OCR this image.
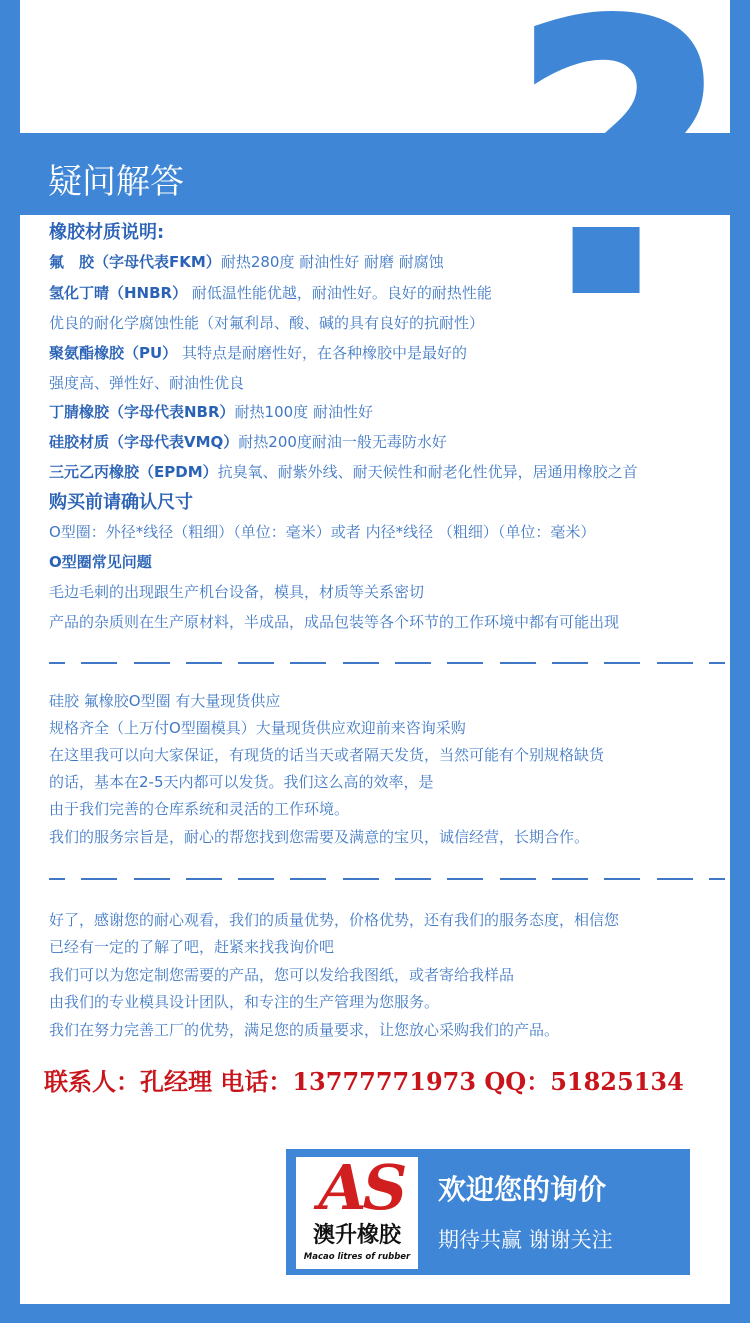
疑问解答
橡胶材质说明:
氟　胶（字母代表FKM）耐热280度 耐油性好 耐磨 耐腐蚀
氢化丁晴（HNBR） 耐低温性能优越，耐油性好。良好的耐热性能
优良的耐化学腐蚀性能（对氟利昂、酸、碱的具有良好的抗耐性）
聚氨酯橡胶（PU） 其特点是耐磨性好，在各种橡胶中是最好的
强度高、弹性好、耐油性优良
丁腈橡胶（字母代表NBR）耐热100度 耐油性好
硅胶材质（字母代表VMQ）耐热200度耐油一般无毒防水好
三元乙丙橡胶（EPDM）抗臭氧、耐紫外线、耐天候性和耐老化性优异，居通用橡胶之首
购买前请确认尺寸
O型圈：外径*线径（粗细）（单位：毫米）或者 内径*线径 （粗细）（单位：毫米）
O型圈常见问题
毛边毛刺的出现跟生产机台设备，模具，材质等关系密切
产品的杂质则在生产原材料，半成品，成品包装等各个环节的工作环境中都有可能出现
硅胶 氟橡胶O型圈 有大量现货供应
规格齐全（上万付O型圈模具）大量现货供应欢迎前来咨询采购
在这里我可以向大家保证，有现货的话当天或者隔天发货，当然可能有个别规格缺货
的话，基本在2-5天内都可以发货。我们这么高的效率，是
由于我们完善的仓库系统和灵活的工作环境。
我们的服务宗旨是，耐心的帮您找到您需要及满意的宝贝，诚信经营，长期合作。
好了，感谢您的耐心观看，我们的质量优势，价格优势，还有我们的服务态度，相信您
已经有一定的了解了吧，赶紧来找我询价吧
我们可以为您定制您需要的产品，您可以发给我图纸，或者寄给我样品
由我们的专业模具设计团队，和专注的生产管理为您服务。
我们在努力完善工厂的优势，满足您的质量要求，让您放心采购我们的产品。
联系人：孔经理 电话：13777771973 QQ：51825134
AS
澳升橡胶
Macao litres of rubber
欢迎您的询价
期待共赢 谢谢关注
